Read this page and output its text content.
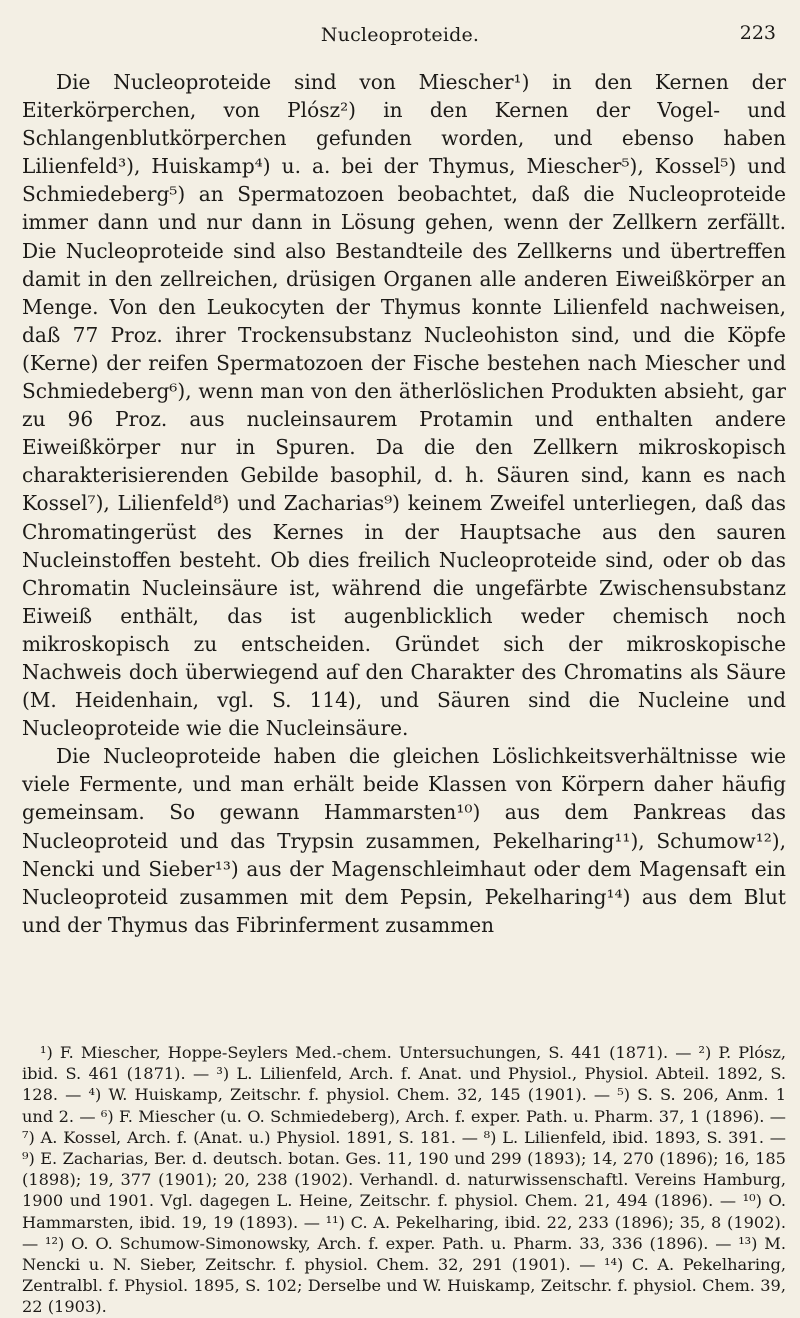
Nucleoproteide.	223

Die Nucleoproteide sind von Miescher¹) in den Kernen der Eiterkörperchen, von Plósz²) in den Kernen der Vogel- und Schlangenblutkörperchen gefunden worden, und ebenso haben Lilienfeld³), Huiskamp⁴) u. a. bei der Thymus, Miescher⁵), Kossel⁵) und Schmiedeberg⁵) an Spermatozoen beobachtet, daß die Nucleoproteide immer dann und nur dann in Lösung gehen, wenn der Zellkern zerfällt. Die Nucleoproteide sind also Bestandteile des Zellkerns und übertreffen damit in den zellreichen, drüsigen Organen alle anderen Eiweißkörper an Menge. Von den Leukocyten der Thymus konnte Lilienfeld nachweisen, daß 77 Proz. ihrer Trockensubstanz Nucleohiston sind, und die Köpfe (Kerne) der reifen Spermatozoen der Fische bestehen nach Miescher und Schmiedeberg⁶), wenn man von den ätherlöslichen Produkten absieht, gar zu 96 Proz. aus nucleinsaurem Protamin und enthalten andere Eiweißkörper nur in Spuren. Da die den Zellkern mikroskopisch charakterisierenden Gebilde basophil, d. h. Säuren sind, kann es nach Kossel⁷), Lilienfeld⁸) und Zacharias⁹) keinem Zweifel unterliegen, daß das Chromatingerüst des Kernes in der Hauptsache aus den sauren Nucleinstoffen besteht. Ob dies freilich Nucleoproteide sind, oder ob das Chromatin Nucleinsäure ist, während die ungefärbte Zwischensubstanz Eiweiß enthält, das ist augenblicklich weder chemisch noch mikroskopisch zu entscheiden. Gründet sich der mikroskopische Nachweis doch überwiegend auf den Charakter des Chromatins als Säure (M. Heidenhain, vgl. S. 114), und Säuren sind die Nucleine und Nucleoproteide wie die Nucleinsäure.

Die Nucleoproteide haben die gleichen Löslichkeitsverhältnisse wie viele Fermente, und man erhält beide Klassen von Körpern daher häufig gemeinsam. So gewann Hammarsten¹⁰) aus dem Pankreas das Nucleoproteid und das Trypsin zusammen, Pekelharing¹¹), Schumow¹²), Nencki und Sieber¹³) aus der Magenschleimhaut oder dem Magensaft ein Nucleoproteid zusammen mit dem Pepsin, Pekelharing¹⁴) aus dem Blut und der Thymus das Fibrinferment zusammen

¹) F. Miescher, Hoppe-Seylers Med.-chem. Untersuchungen, S. 441 (1871). — ²) P. Plósz, ibid. S. 461 (1871). — ³) L. Lilienfeld, Arch. f. Anat. und Physiol., Physiol. Abteil. 1892, S. 128. — ⁴) W. Huiskamp, Zeitschr. f. physiol. Chem. 32, 145 (1901). — ⁵) S. S. 206, Anm. 1 und 2. — ⁶) F. Miescher (u. O. Schmiedeberg), Arch. f. exper. Path. u. Pharm. 37, 1 (1896). — ⁷) A. Kossel, Arch. f. (Anat. u.) Physiol. 1891, S. 181. — ⁸) L. Lilienfeld, ibid. 1893, S. 391. — ⁹) E. Zacharias, Ber. d. deutsch. botan. Ges. 11, 190 und 299 (1893); 14, 270 (1896); 16, 185 (1898); 19, 377 (1901); 20, 238 (1902). Verhandl. d. naturwissenschaftl. Vereins Hamburg, 1900 und 1901. Vgl. dagegen L. Heine, Zeitschr. f. physiol. Chem. 21, 494 (1896). — ¹⁰) O. Hammarsten, ibid. 19, 19 (1893). — ¹¹) C. A. Pekelharing, ibid. 22, 233 (1896); 35, 8 (1902). — ¹²) O. O. Schumow-Simonowsky, Arch. f. exper. Path. u. Pharm. 33, 336 (1896). — ¹³) M. Nencki u. N. Sieber, Zeitschr. f. physiol. Chem. 32, 291 (1901). — ¹⁴) C. A. Pekelharing, Zentralbl. f. Physiol. 1895, S. 102; Derselbe und W. Huiskamp, Zeitschr. f. physiol. Chem. 39, 22 (1903).
